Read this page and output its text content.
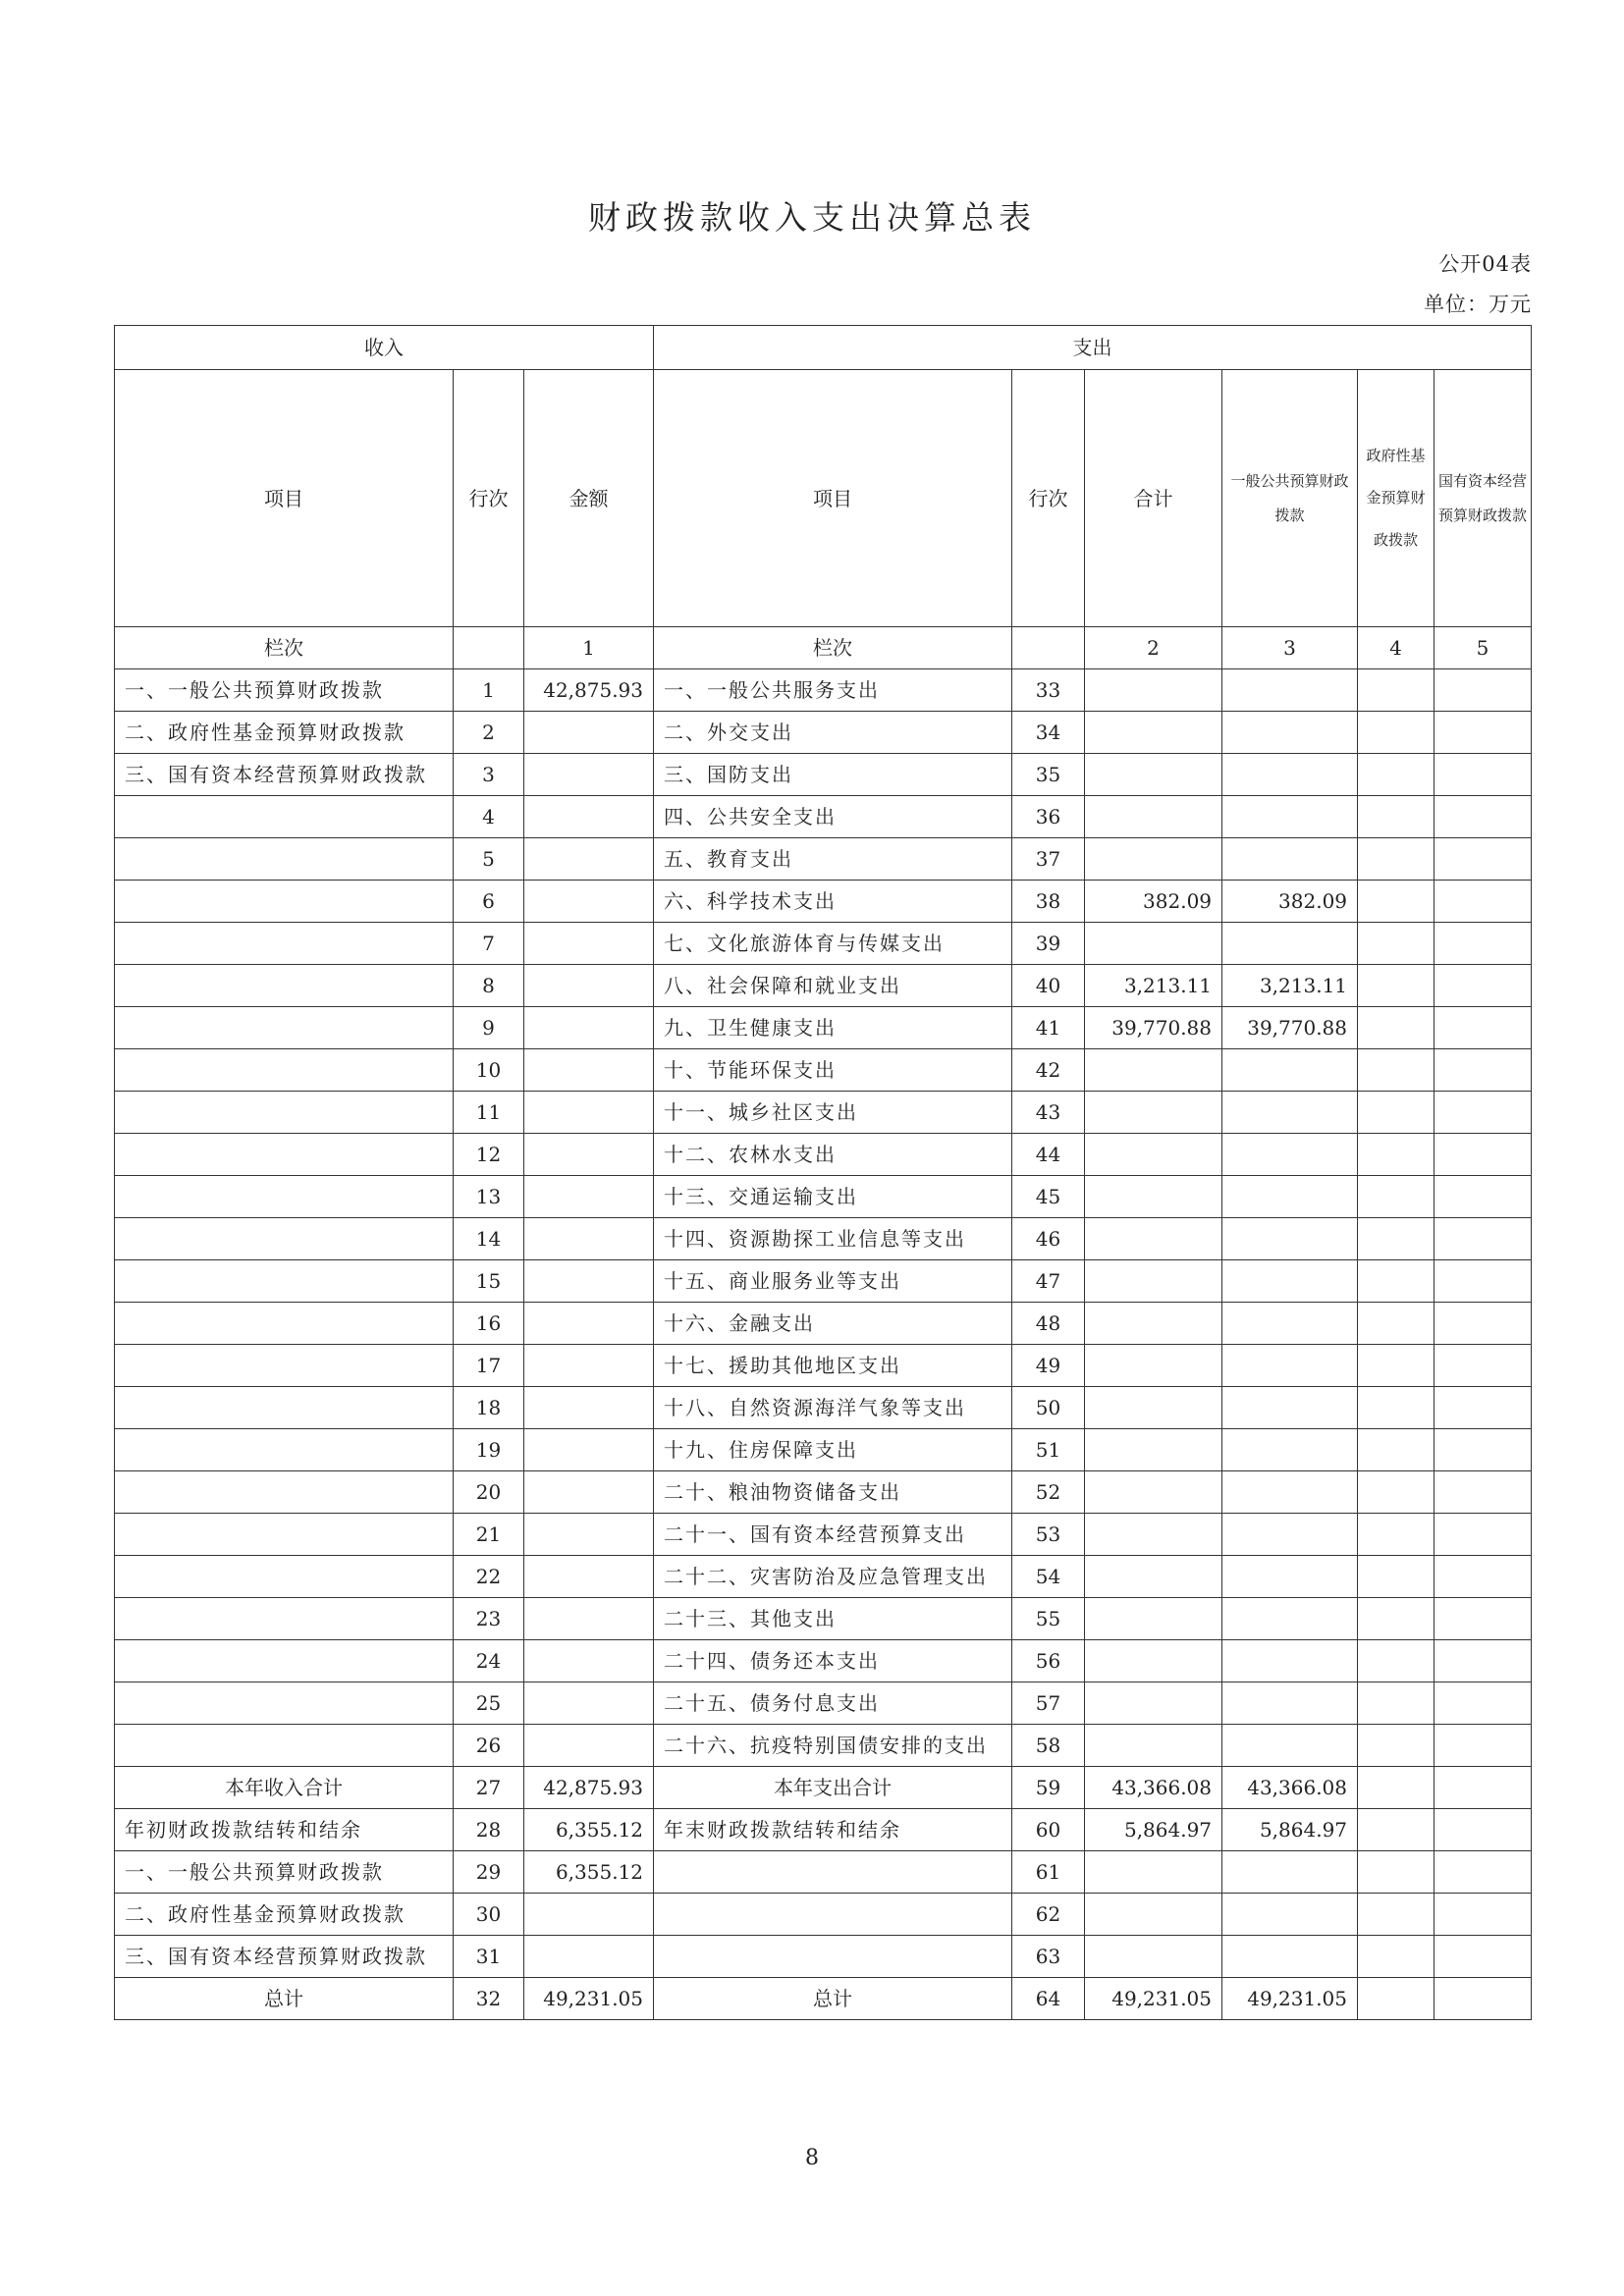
财政拨款收入支出决算总表
公开04表
单位：万元
收入			支出					
项目	行次	金额	项目	行次	合计	一般公共预算财政拨款	政府性基金预算财政拨款	国有资本经营预算财政拨款
栏次		1	栏次		2	3	4	5
一、一般公共预算财政拨款	1	42,875.93	一、一般公共服务支出	33				
二、政府性基金预算财政拨款	2		二、外交支出	34				
三、国有资本经营预算财政拨款	3		三、国防支出	35				
	4		四、公共安全支出	36				
	5		五、教育支出	37				
	6		六、科学技术支出	38	382.09	382.09		
	7		七、文化旅游体育与传媒支出	39				
	8		八、社会保障和就业支出	40	3,213.11	3,213.11		
	9		九、卫生健康支出	41	39,770.88	39,770.88		
	10		十、节能环保支出	42				
	11		十一、城乡社区支出	43				
	12		十二、农林水支出	44				
	13		十三、交通运输支出	45				
	14		十四、资源勘探工业信息等支出	46				
	15		十五、商业服务业等支出	47				
	16		十六、金融支出	48				
	17		十七、援助其他地区支出	49				
	18		十八、自然资源海洋气象等支出	50				
	19		十九、住房保障支出	51				
	20		二十、粮油物资储备支出	52				
	21		二十一、国有资本经营预算支出	53				
	22		二十二、灾害防治及应急管理支出	54				
	23		二十三、其他支出	55				
	24		二十四、债务还本支出	56				
	25		二十五、债务付息支出	57				
	26		二十六、抗疫特别国债安排的支出	58				
本年收入合计	27	42,875.93	本年支出合计	59	43,366.08	43,366.08		
年初财政拨款结转和结余	28	6,355.12	年末财政拨款结转和结余	60	5,864.97	5,864.97		
一、一般公共预算财政拨款	29	6,355.12		61				
二、政府性基金预算财政拨款	30			62				
三、国有资本经营预算财政拨款	31			63				
总计	32	49,231.05	总计	64	49,231.05	49,231.05		
8
